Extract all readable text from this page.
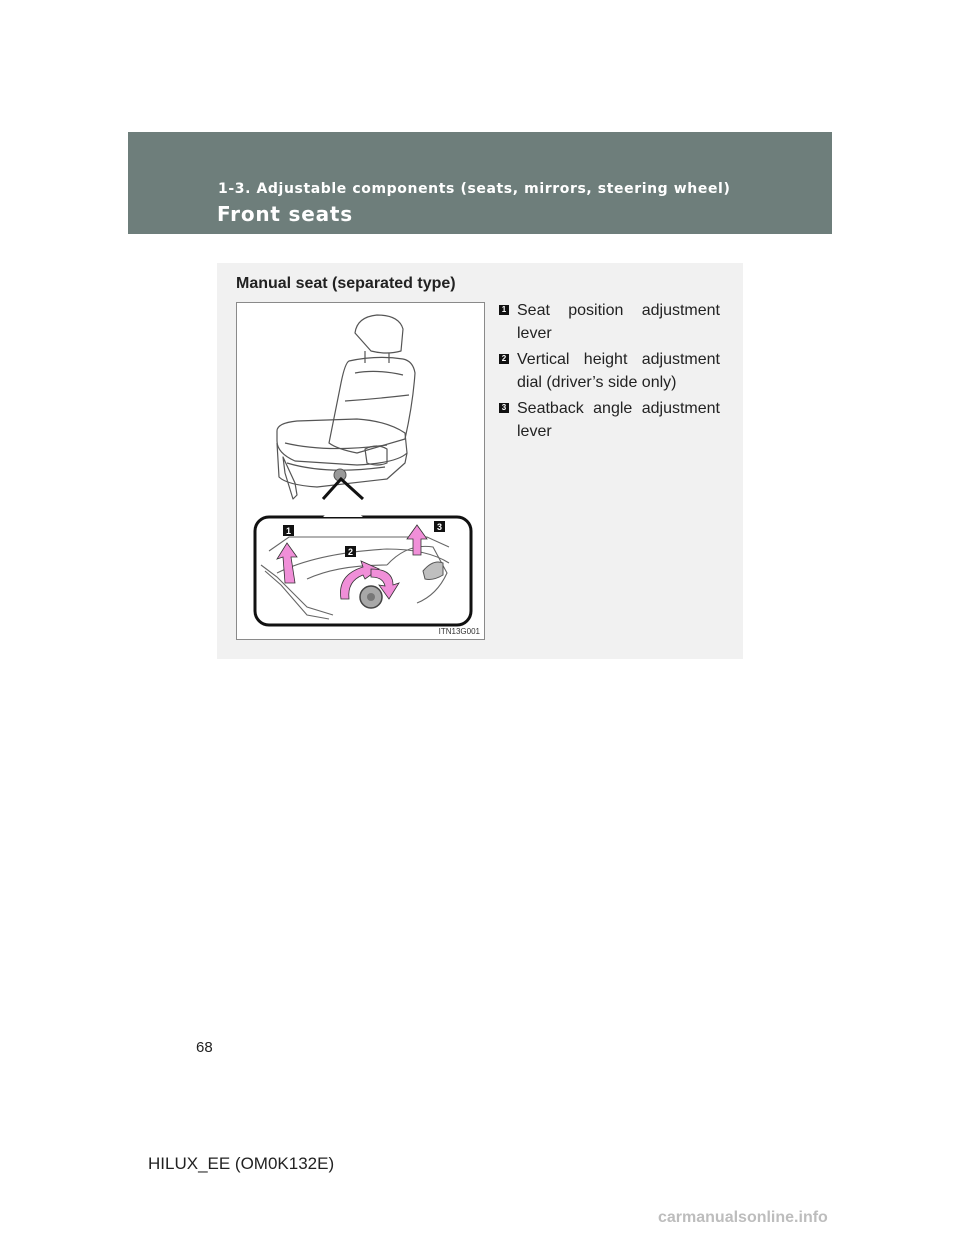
1-3. Adjustable components (seats, mirrors, steering wheel)
Front seats
Manual seat (separated type)
1
2
3
ITN13G001
1 Seat position adjustment lever
2 Vertical height adjustment dial (driver’s side only)
3 Seatback angle adjustment lever
68
HILUX_EE (OM0K132E)
carmanualsonline.info
